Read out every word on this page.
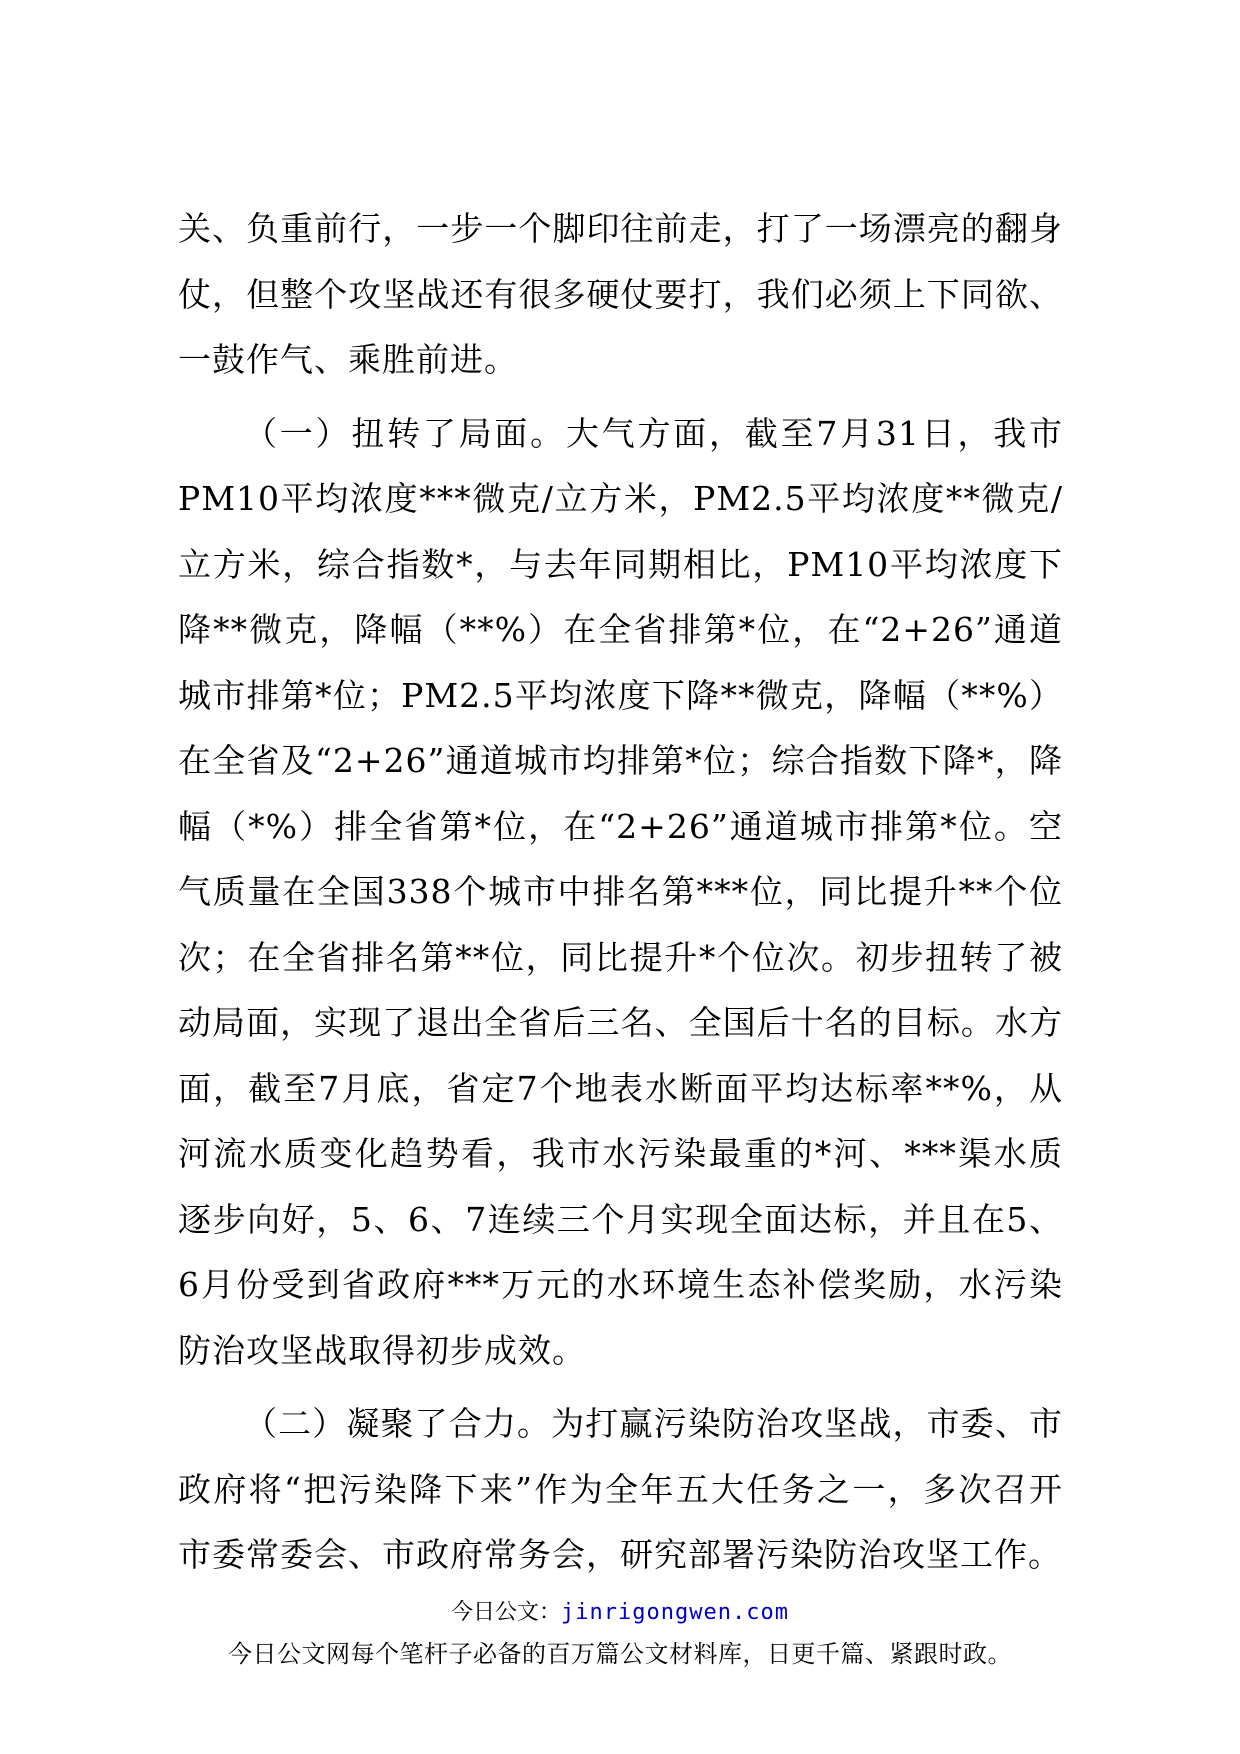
关、负重前行，一步一个脚印往前走，打了一场漂亮的翻身仗，但整个攻坚战还有很多硬仗要打，我们必须上下同欲、一鼓作气、乘胜前进。

（一）扭转了局面。大气方面，截至7月31日，我市PM10平均浓度***微克/立方米，PM2.5平均浓度**微克/立方米，综合指数*，与去年同期相比，PM10平均浓度下降**微克，降幅（**%）在全省排第*位，在“2+26”通道城市排第*位；PM2.5平均浓度下降**微克，降幅（**%）在全省及“2+26”通道城市均排第*位；综合指数下降*，降幅（*%）排全省第*位，在“2+26”通道城市排第*位。空气质量在全国338个城市中排名第***位，同比提升**个位次；在全省排名第**位，同比提升*个位次。初步扭转了被动局面，实现了退出全省后三名、全国后十名的目标。水方面，截至7月底，省定7个地表水断面平均达标率**%，从河流水质变化趋势看，我市水污染最重的*河、***渠水质逐步向好，5、6、7连续三个月实现全面达标，并且在5、6月份受到省政府***万元的水环境生态补偿奖励，水污染防治攻坚战取得初步成效。

（二）凝聚了合力。为打赢污染防治攻坚战，市委、市政府将“把污染降下来”作为全年五大任务之一，多次召开市委常委会、市政府常务会，研究部署污染防治攻坚工作。

今日公文：jinrigongwen.com
今日公文网每个笔杆子必备的百万篇公文材料库，日更千篇、紧跟时政。
